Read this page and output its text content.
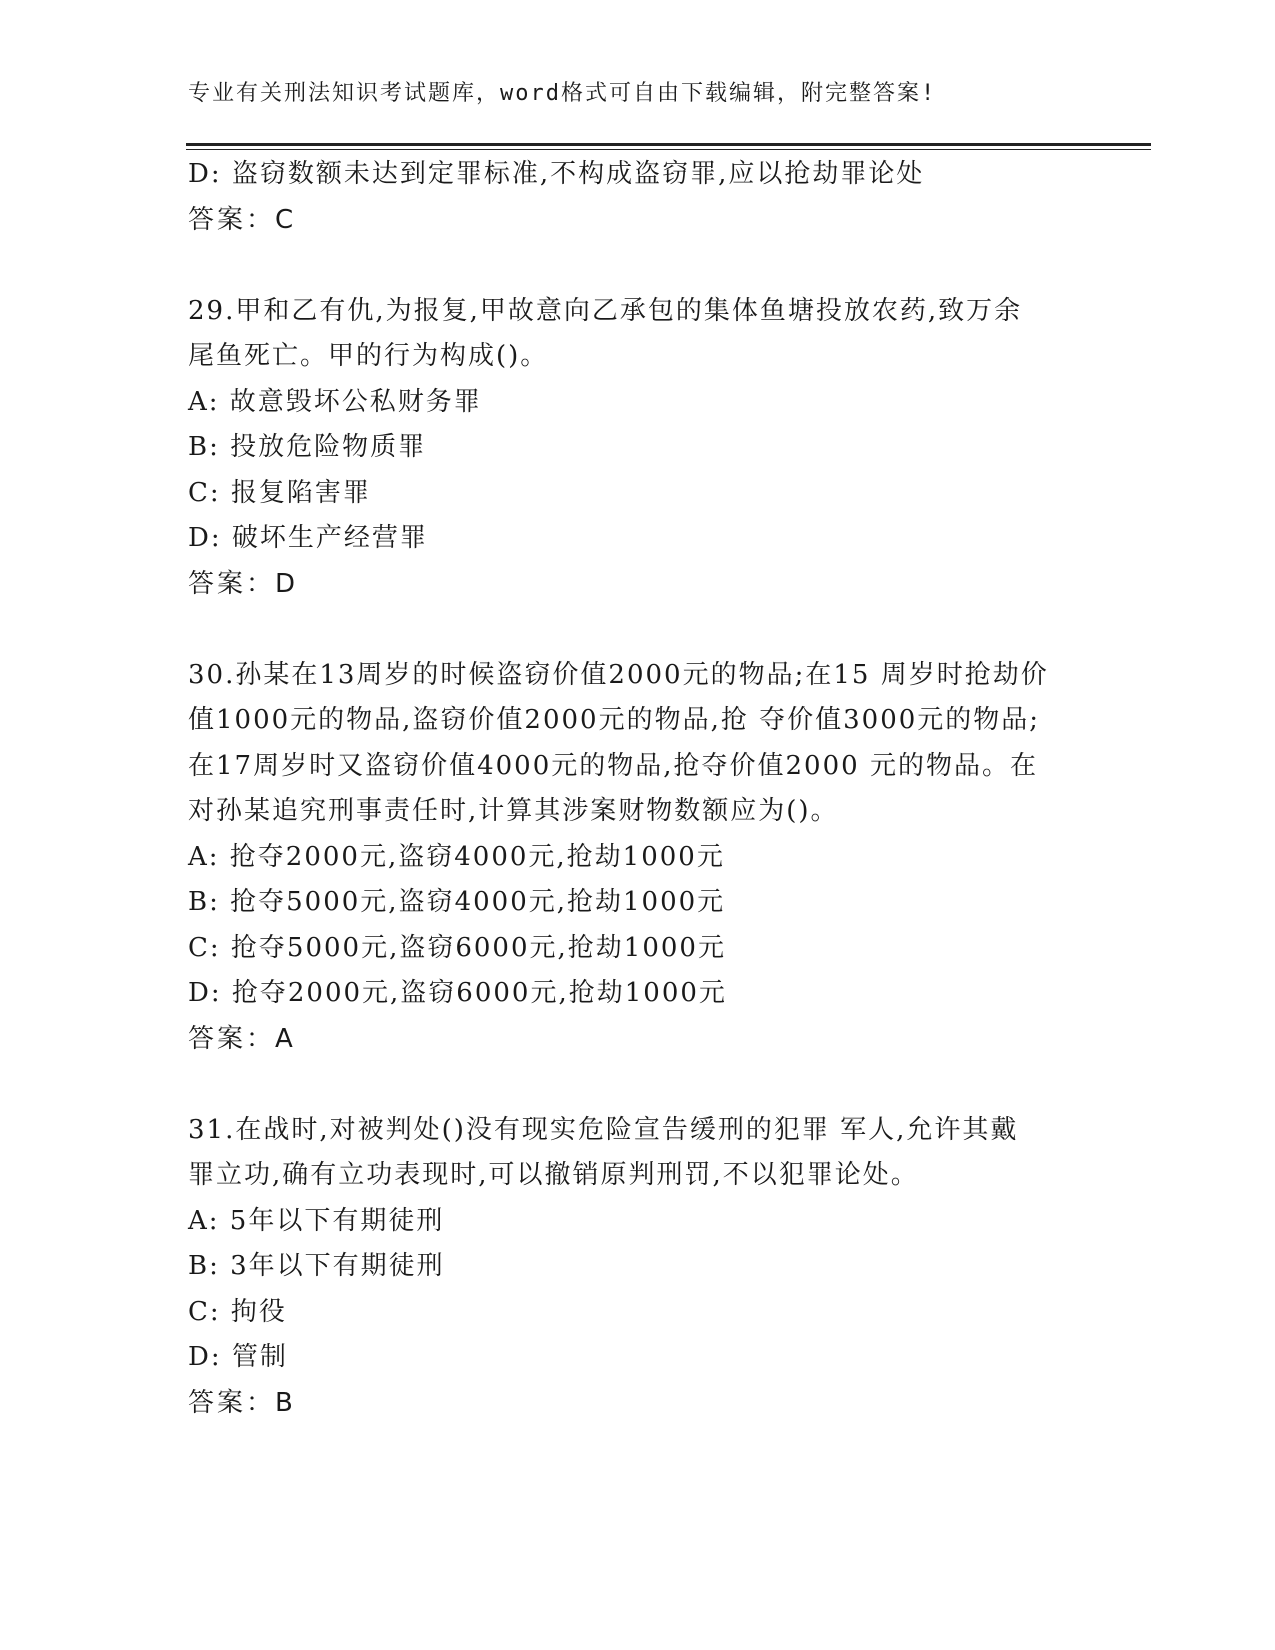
专业有关刑法知识考试题库，word格式可自由下载编辑，附完整答案!
D: 盗窃数额未达到定罪标准,不构成盗窃罪,应以抢劫罪论处
答案：C
29.甲和乙有仇,为报复,甲故意向乙承包的集体鱼塘投放农药,致万余
尾鱼死亡。甲的行为构成()。
A: 故意毁坏公私财务罪
B: 投放危险物质罪
C: 报复陷害罪
D: 破坏生产经营罪
答案：D
30.孙某在13周岁的时候盗窃价值2000元的物品;在15 周岁时抢劫价
值1000元的物品,盗窃价值2000元的物品,抢 夺价值3000元的物品;
在17周岁时又盗窃价值4000元的物品,抢夺价值2000 元的物品。在
对孙某追究刑事责任时,计算其涉案财物数额应为()。
A: 抢夺2000元,盗窃4000元,抢劫1000元
B: 抢夺5000元,盗窃4000元,抢劫1000元
C: 抢夺5000元,盗窃6000元,抢劫1000元
D: 抢夺2000元,盗窃6000元,抢劫1000元
答案：A
31.在战时,对被判处()没有现实危险宣告缓刑的犯罪 军人,允许其戴
罪立功,确有立功表现时,可以撤销原判刑罚,不以犯罪论处。
A: 5年以下有期徒刑
B: 3年以下有期徒刑
C: 拘役
D: 管制
答案：B
